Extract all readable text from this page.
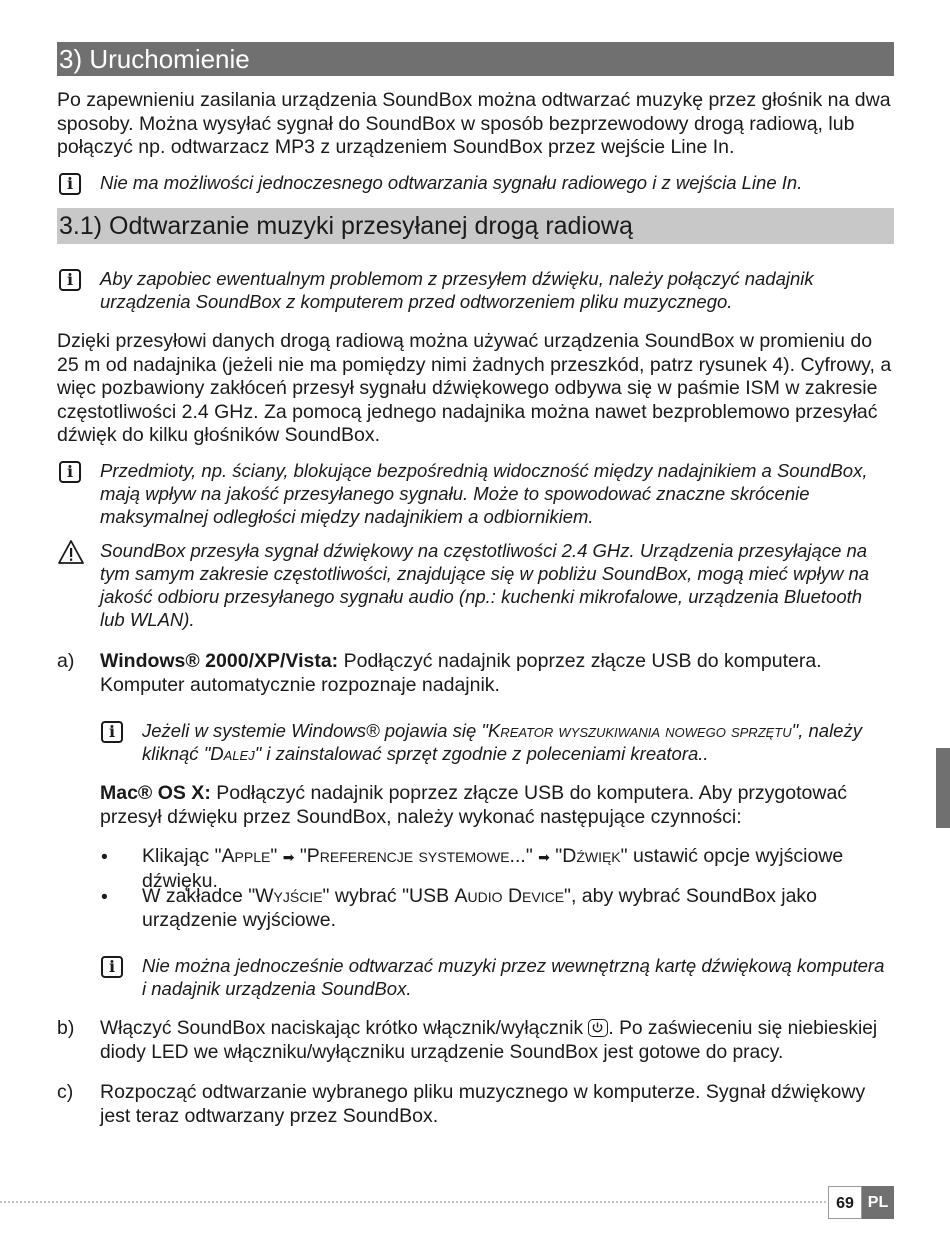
3) Uruchomienie

Po zapewnieniu zasilania urządzenia SoundBox można odtwarzać muzykę przez głośnik na dwa sposoby. Można wysyłać sygnał do SoundBox w sposób bezprzewodowy drogą radiową, lub połączyć np. odtwarzacz MP3 z urządzeniem SoundBox przez wejście Line In.

i	Nie ma możliwości jednoczesnego odtwarzania sygnału radiowego i z wejścia Line In.

3.1) Odtwarzanie muzyki przesyłanej drogą radiową
i	Aby zapobiec ewentualnym problemom z przesyłem dźwięku, należy połączyć nadajnik urządzenia SoundBox z komputerem przed odtworzeniem pliku muzycznego.

Dzięki przesyłowi danych drogą radiową można używać urządzenia SoundBox w promieniu do 25 m od nadajnika (jeżeli nie ma pomiędzy nimi żadnych przeszkód, patrz rysunek 4). Cyfrowy, a więc pozbawiony zakłóceń przesył sygnału dźwiękowego odbywa się w paśmie ISM w zakresie częstotliwości 2.4 GHz. Za pomocą jednego nadajnika można nawet bezproblemowo przesyłać dźwięk do kilku głośników SoundBox.

i	Przedmioty, np. ściany, blokujące bezpośrednią widoczność między nadajnikiem a SoundBox, mają wpływ na jakość przesyłanego sygnału. Może to spowodować znaczne skrócenie maksymalnej odległości między nadajnikiem a odbiornikiem.

SoundBox przesyła sygnał dźwiękowy na częstotliwości 2.4 GHz. Urządzenia przesyłające na tym samym zakresie częstotliwości, znajdujące się w pobliżu SoundBox, mogą mieć wpływ na jakość odbioru przesyłanego sygnału audio (np.: kuchenki mikrofalowe, urządzenia Bluetooth lub WLAN).

a) Windows® 2000/XP/Vista: Podłączyć nadajnik poprzez złącze USB do komputera. Komputer automatycznie rozpoznaje nadajnik.

i	Jeżeli w systemie Windows® pojawia się "Kreator wyszukiwania nowego sprzętu", należy kliknąć "Dalej" i zainstalować sprzęt zgodnie z poleceniami kreatora..

Mac® OS X: Podłączyć nadajnik poprzez złącze USB do komputera. Aby przygotować przesył dźwięku przez SoundBox, należy wykonać następujące czynności:

• Klikając "Apple" ➡ "Preferencje systemowe..." ➡ "Dźwięk" ustawić opcje wyjściowe dźwięku.

• W zakładce "Wyjście" wybrać "USB Audio Device", aby wybrać SoundBox jako urządzenie wyjściowe.

i	Nie można jednocześnie odtwarzać muzyki przez wewnętrzną kartę dźwiękową komputera i nadajnik urządzenia SoundBox.

b) Włączyć SoundBox naciskając krótko włącznik/wyłącznik
. Po zaświeceniu się niebieskiej diody LED we włączniku/wyłączniku urządzenie SoundBox jest gotowe do pracy.

c) Rozpocząć odtwarzanie wybranego pliku muzycznego w komputerze. Sygnał dźwiękowy jest teraz odtwarzany przez SoundBox.

69 PL
